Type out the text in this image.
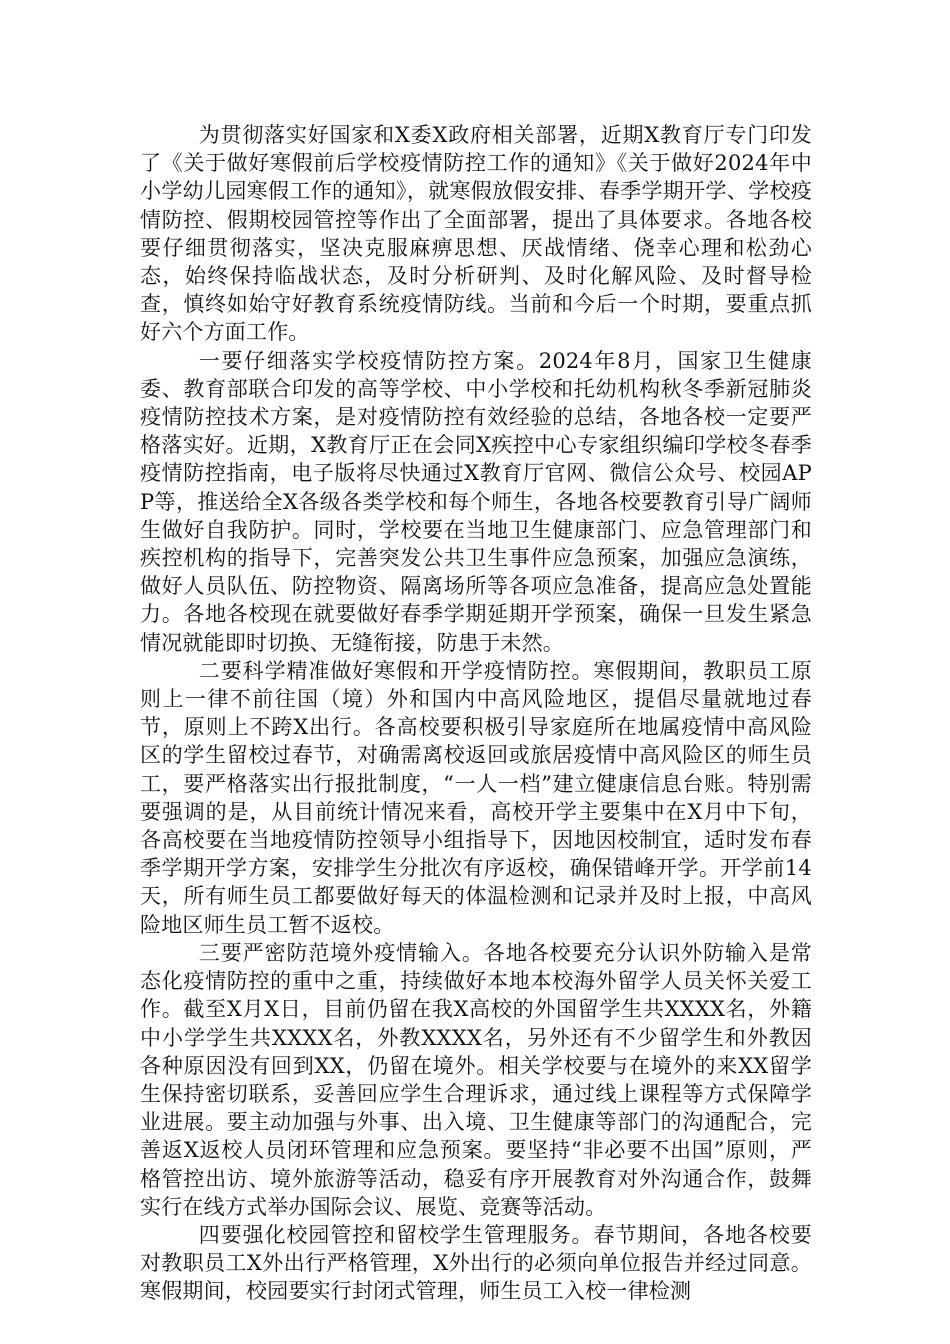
为贯彻落实好国家和X委X政府相关部署，近期X教育厅专门印发了《关于做好寒假前后学校疫情防控工作的通知》《关于做好2024年中小学幼儿园寒假工作的通知》，就寒假放假安排、春季学期开学、学校疫情防控、假期校园管控等作出了全面部署，提出了具体要求。各地各校要仔细贯彻落实，坚决克服麻痹思想、厌战情绪、侥幸心理和松劲心态，始终保持临战状态，及时分析研判、及时化解风险、及时督导检查，慎终如始守好教育系统疫情防线。当前和今后一个时期，要重点抓好六个方面工作。

一要仔细落实学校疫情防控方案。2024年8月，国家卫生健康委、教育部联合印发的高等学校、中小学校和托幼机构秋冬季新冠肺炎疫情防控技术方案，是对疫情防控有效经验的总结，各地各校一定要严格落实好。近期，X教育厅正在会同X疾控中心专家组织编印学校冬春季疫情防控指南，电子版将尽快通过X教育厅官网、微信公众号、校园APP等，推送给全X各级各类学校和每个师生，各地各校要教育引导广阔师生做好自我防护。同时，学校要在当地卫生健康部门、应急管理部门和疾控机构的指导下，完善突发公共卫生事件应急预案，加强应急演练，做好人员队伍、防控物资、隔离场所等各项应急准备，提高应急处置能力。各地各校现在就要做好春季学期延期开学预案，确保一旦发生紧急情况就能即时切换、无缝衔接，防患于未然。

二要科学精准做好寒假和开学疫情防控。寒假期间，教职员工原则上一律不前往国（境）外和国内中高风险地区，提倡尽量就地过春节，原则上不跨X出行。各高校要积极引导家庭所在地属疫情中高风险区的学生留校过春节，对确需离校返回或旅居疫情中高风险区的师生员工，要严格落实出行报批制度，“一人一档”建立健康信息台账。特别需要强调的是，从目前统计情况来看，高校开学主要集中在X月中下旬，各高校要在当地疫情防控领导小组指导下，因地因校制宜，适时发布春季学期开学方案，安排学生分批次有序返校，确保错峰开学。开学前14天，所有师生员工都要做好每天的体温检测和记录并及时上报，中高风险地区师生员工暂不返校。

三要严密防范境外疫情输入。各地各校要充分认识外防输入是常态化疫情防控的重中之重，持续做好本地本校海外留学人员关怀关爱工作。截至X月X日，目前仍留在我X高校的外国留学生共XXXX名，外籍中小学学生共XXXX名，外教XXXX名，另外还有不少留学生和外教因各种原因没有回到XX，仍留在境外。相关学校要与在境外的来XX留学生保持密切联系，妥善回应学生合理诉求，通过线上课程等方式保障学业进展。要主动加强与外事、出入境、卫生健康等部门的沟通配合，完善返X返校人员闭环管理和应急预案。要坚持“非必要不出国”原则，严格管控出访、境外旅游等活动，稳妥有序开展教育对外沟通合作，鼓舞实行在线方式举办国际会议、展览、竞赛等活动。

四要强化校园管控和留校学生管理服务。春节期间，各地各校要对教职员工X外出行严格管理，X外出行的必须向单位报告并经过同意。寒假期间，校园要实行封闭式管理，师生员工入校一律检测
